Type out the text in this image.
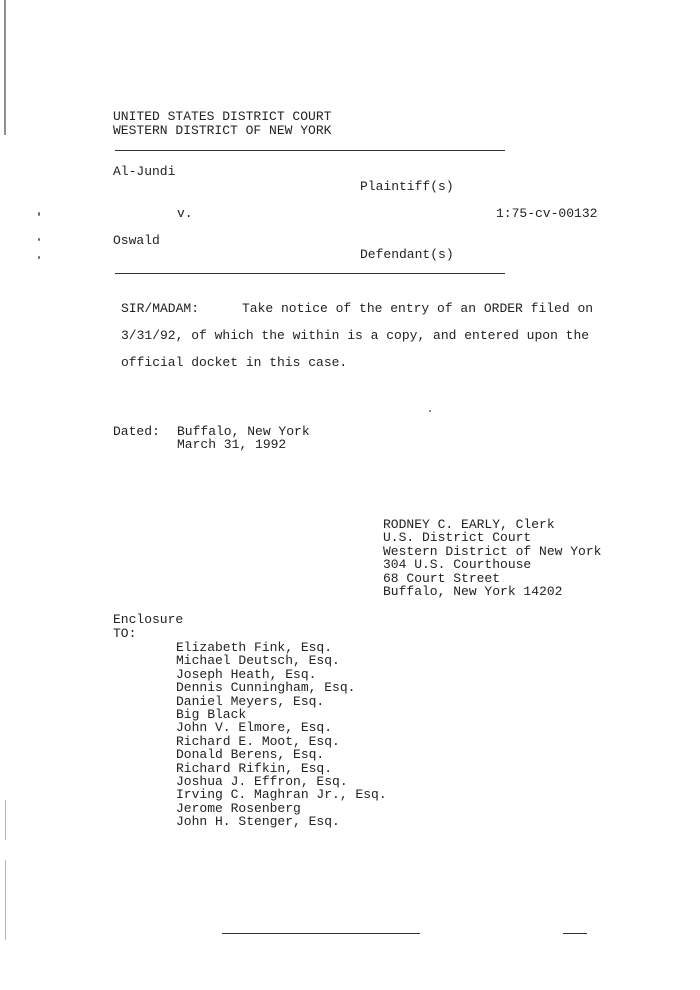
UNITED STATES DISTRICT COURT
WESTERN DISTRICT OF NEW YORK
Al-Jundi
Plaintiff(s)
v.	1:75-cv-00132
Oswald
Defendant(s)
SIR/MADAM:	Take notice of the entry of an ORDER filed on
3/31/92, of which the within is a copy, and entered upon the
official docket in this case.
Dated: Buffalo, New York
March 31, 1992
RODNEY C. EARLY, Clerk
U.S. District Court
Western District of New York
304 U.S. Courthouse
68 Court Street
Buffalo, New York 14202
Enclosure
TO:
Elizabeth Fink, Esq.
Michael Deutsch, Esq.
Joseph Heath, Esq.
Dennis Cunningham, Esq.
Daniel Meyers, Esq.
Big Black
John V. Elmore, Esq.
Richard E. Moot, Esq.
Donald Berens, Esq.
Richard Rifkin, Esq.
Joshua J. Effron, Esq.
Irving C. Maghran Jr., Esq.
Jerome Rosenberg
John H. Stenger, Esq.
